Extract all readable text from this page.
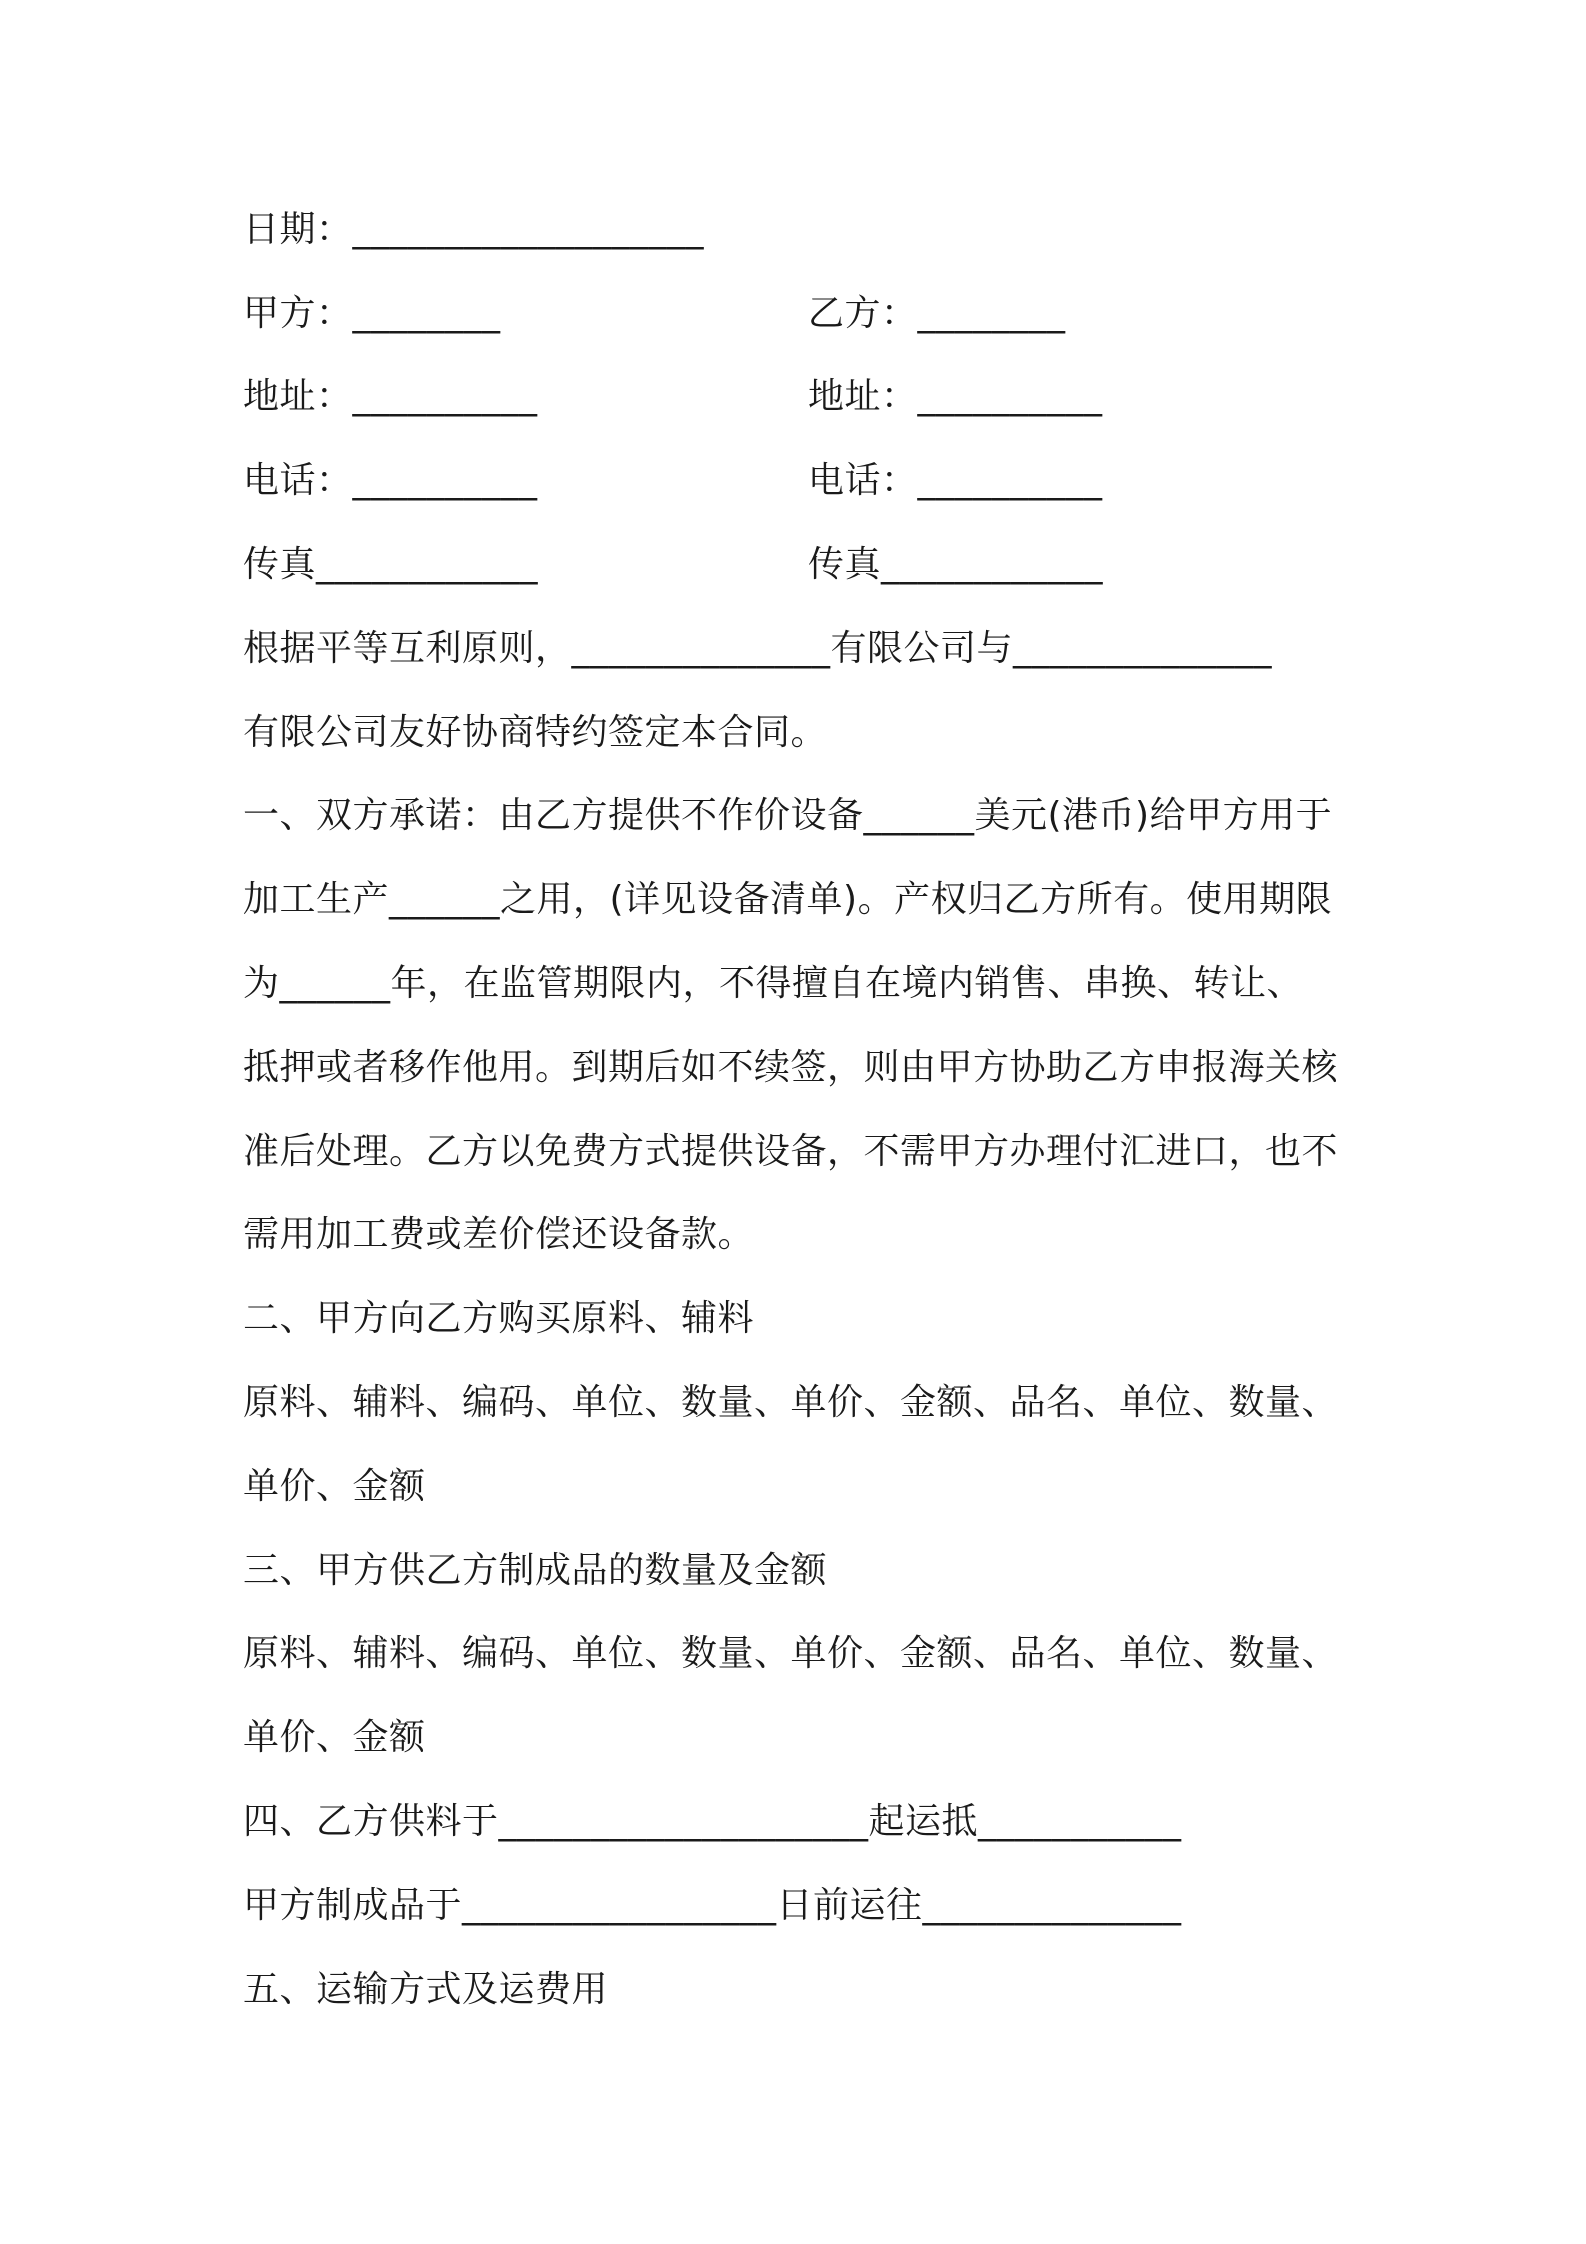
日期：___________________
甲方：________	乙方：________
地址：__________	地址：__________
电话：__________	电话：__________
传真____________	传真____________
根据平等互利原则，______________有限公司与______________
有限公司友好协商特约签定本合同。
一、双方承诺：由乙方提供不作价设备______美元(港币)给甲方用于
加工生产______之用，(详见设备清单)。产权归乙方所有。使用期限
为______年，在监管期限内，不得擅自在境内销售、串换、转让、
抵押或者移作他用。到期后如不续签，则由甲方协助乙方申报海关核
准后处理。乙方以免费方式提供设备，不需甲方办理付汇进口，也不
需用加工费或差价偿还设备款。
二、甲方向乙方购买原料、辅料
原料、辅料、编码、单位、数量、单价、金额、品名、单位、数量、
单价、金额
三、甲方供乙方制成品的数量及金额
原料、辅料、编码、单位、数量、单价、金额、品名、单位、数量、
单价、金额
四、乙方供料于____________________起运抵___________
甲方制成品于_________________日前运往______________
五、运输方式及运费用
